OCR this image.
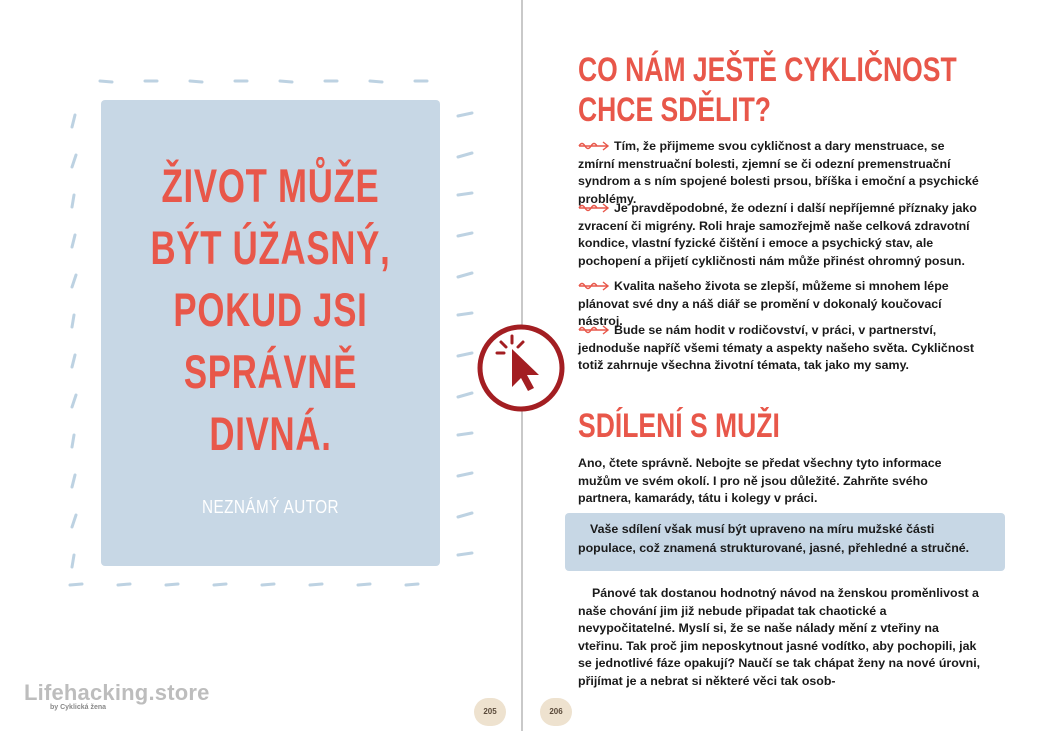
ŽIVOT MŮŽE
BÝT ÚŽASNÝ,
POKUD JSI
SPRÁVNĚ
DIVNÁ.
NEZNÁMÝ AUTOR
Lifehacking.store
by Cyklická žena	205	206
CO NÁM JEŠTĚ CYKLIČNOST
CHCE SDĚLIT?
Tím, že přijmeme svou cykličnost a dary menstruace, se zmírní menstruační bolesti, zjemní se či odezní premenstruační syndrom a s ním spojené bolesti prsou, bříška i emoční a psychické problémy.
Je pravděpodobné, že odezní i další nepříjemné příznaky jako zvracení či migrény. Roli hraje samozřejmě naše celková zdravotní kondice, vlastní fyzické čištění i emoce a psychický stav, ale pochopení a přijetí cykličnosti nám může přinést ohromný posun.
Kvalita našeho života se zlepší, můžeme si mnohem lépe plánovat své dny a náš diář se promění v dokonalý koučovací nástroj.
Bude se nám hodit v rodičovství, v práci, v partnerství, jednoduše napříč všemi tématy a aspekty našeho světa. Cykličnost totiž zahrnuje všechna životní témata, tak jako my samy.
SDÍLENÍ S MUŽI
Ano, čtete správně. Nebojte se předat všechny tyto informace mužům ve svém okolí. I pro ně jsou důležité. Zahrňte svého partnera, kamarády, tátu i kolegy v práci.
Vaše sdílení však musí být upraveno na míru mužské části populace, což znamená strukturované, jasné, přehledné a stručné.
Pánové tak dostanou hodnotný návod na ženskou proměnlivost a naše chování jim již nebude připadat tak chaotické a nevypočitatelné. Myslí si, že se naše nálady mění z vteřiny na vteřinu. Tak proč jim neposkytnout jasné vodítko, aby pochopili, jak se jednotlivé fáze opakují? Naučí se tak chápat ženy na nové úrovni, přijímat je a nebrat si některé věci tak osob-
